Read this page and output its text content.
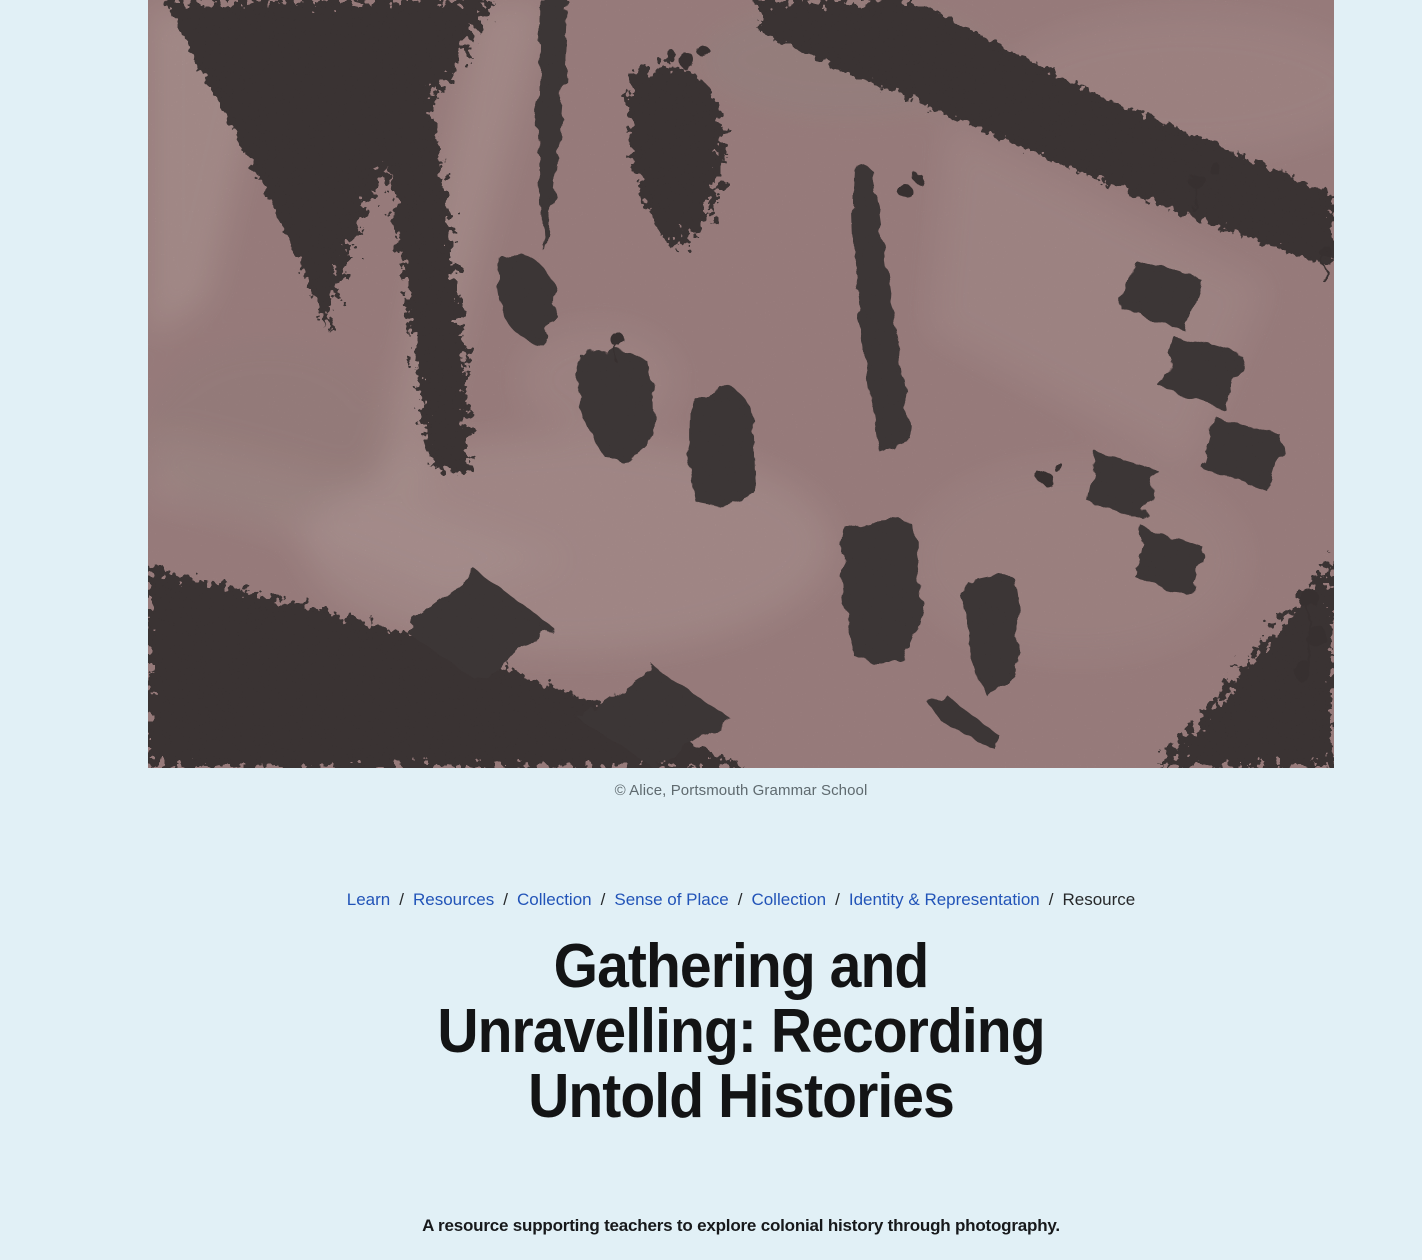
© Alice, Portsmouth Grammar School
Learn / Resources / Collection / Sense of Place / Collection / Identity & Representation / Resource
Gathering and
Unravelling: Recording
Untold Histories

A resource supporting teachers to explore colonial history through photography.
